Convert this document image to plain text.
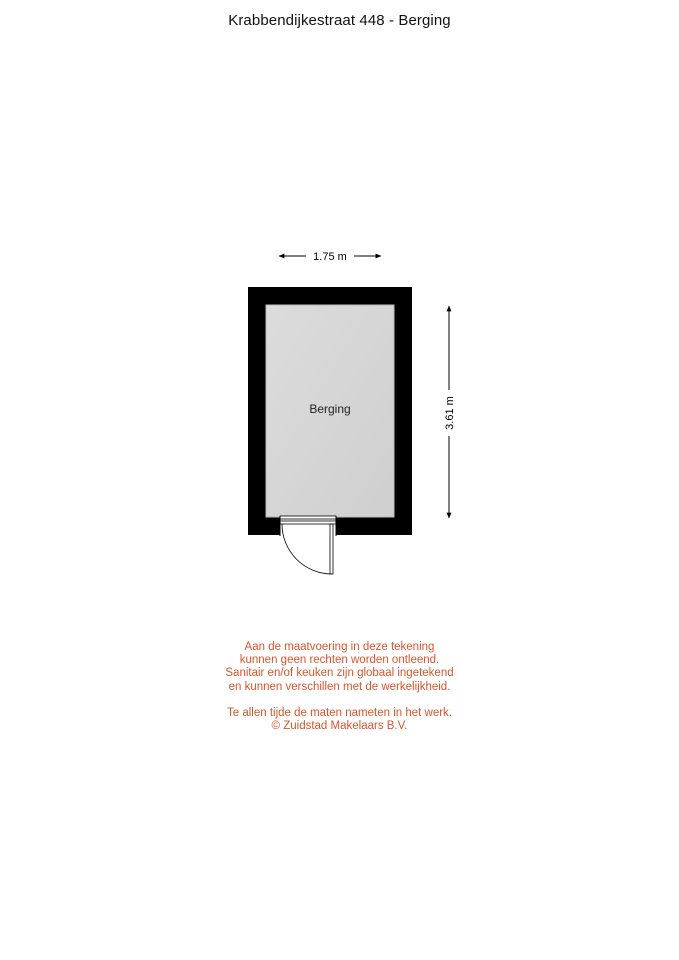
Krabbendijkestraat 448 - Berging
1.75 m
3.61 m
Berging
Aan de maatvoering in deze tekening
kunnen geen rechten worden ontleend.
Sanitair en/of keuken zijn globaal ingetekend
en kunnen verschillen met de werkelijkheid.
Te allen tijde de maten nameten in het werk.
© Zuidstad Makelaars B.V.
